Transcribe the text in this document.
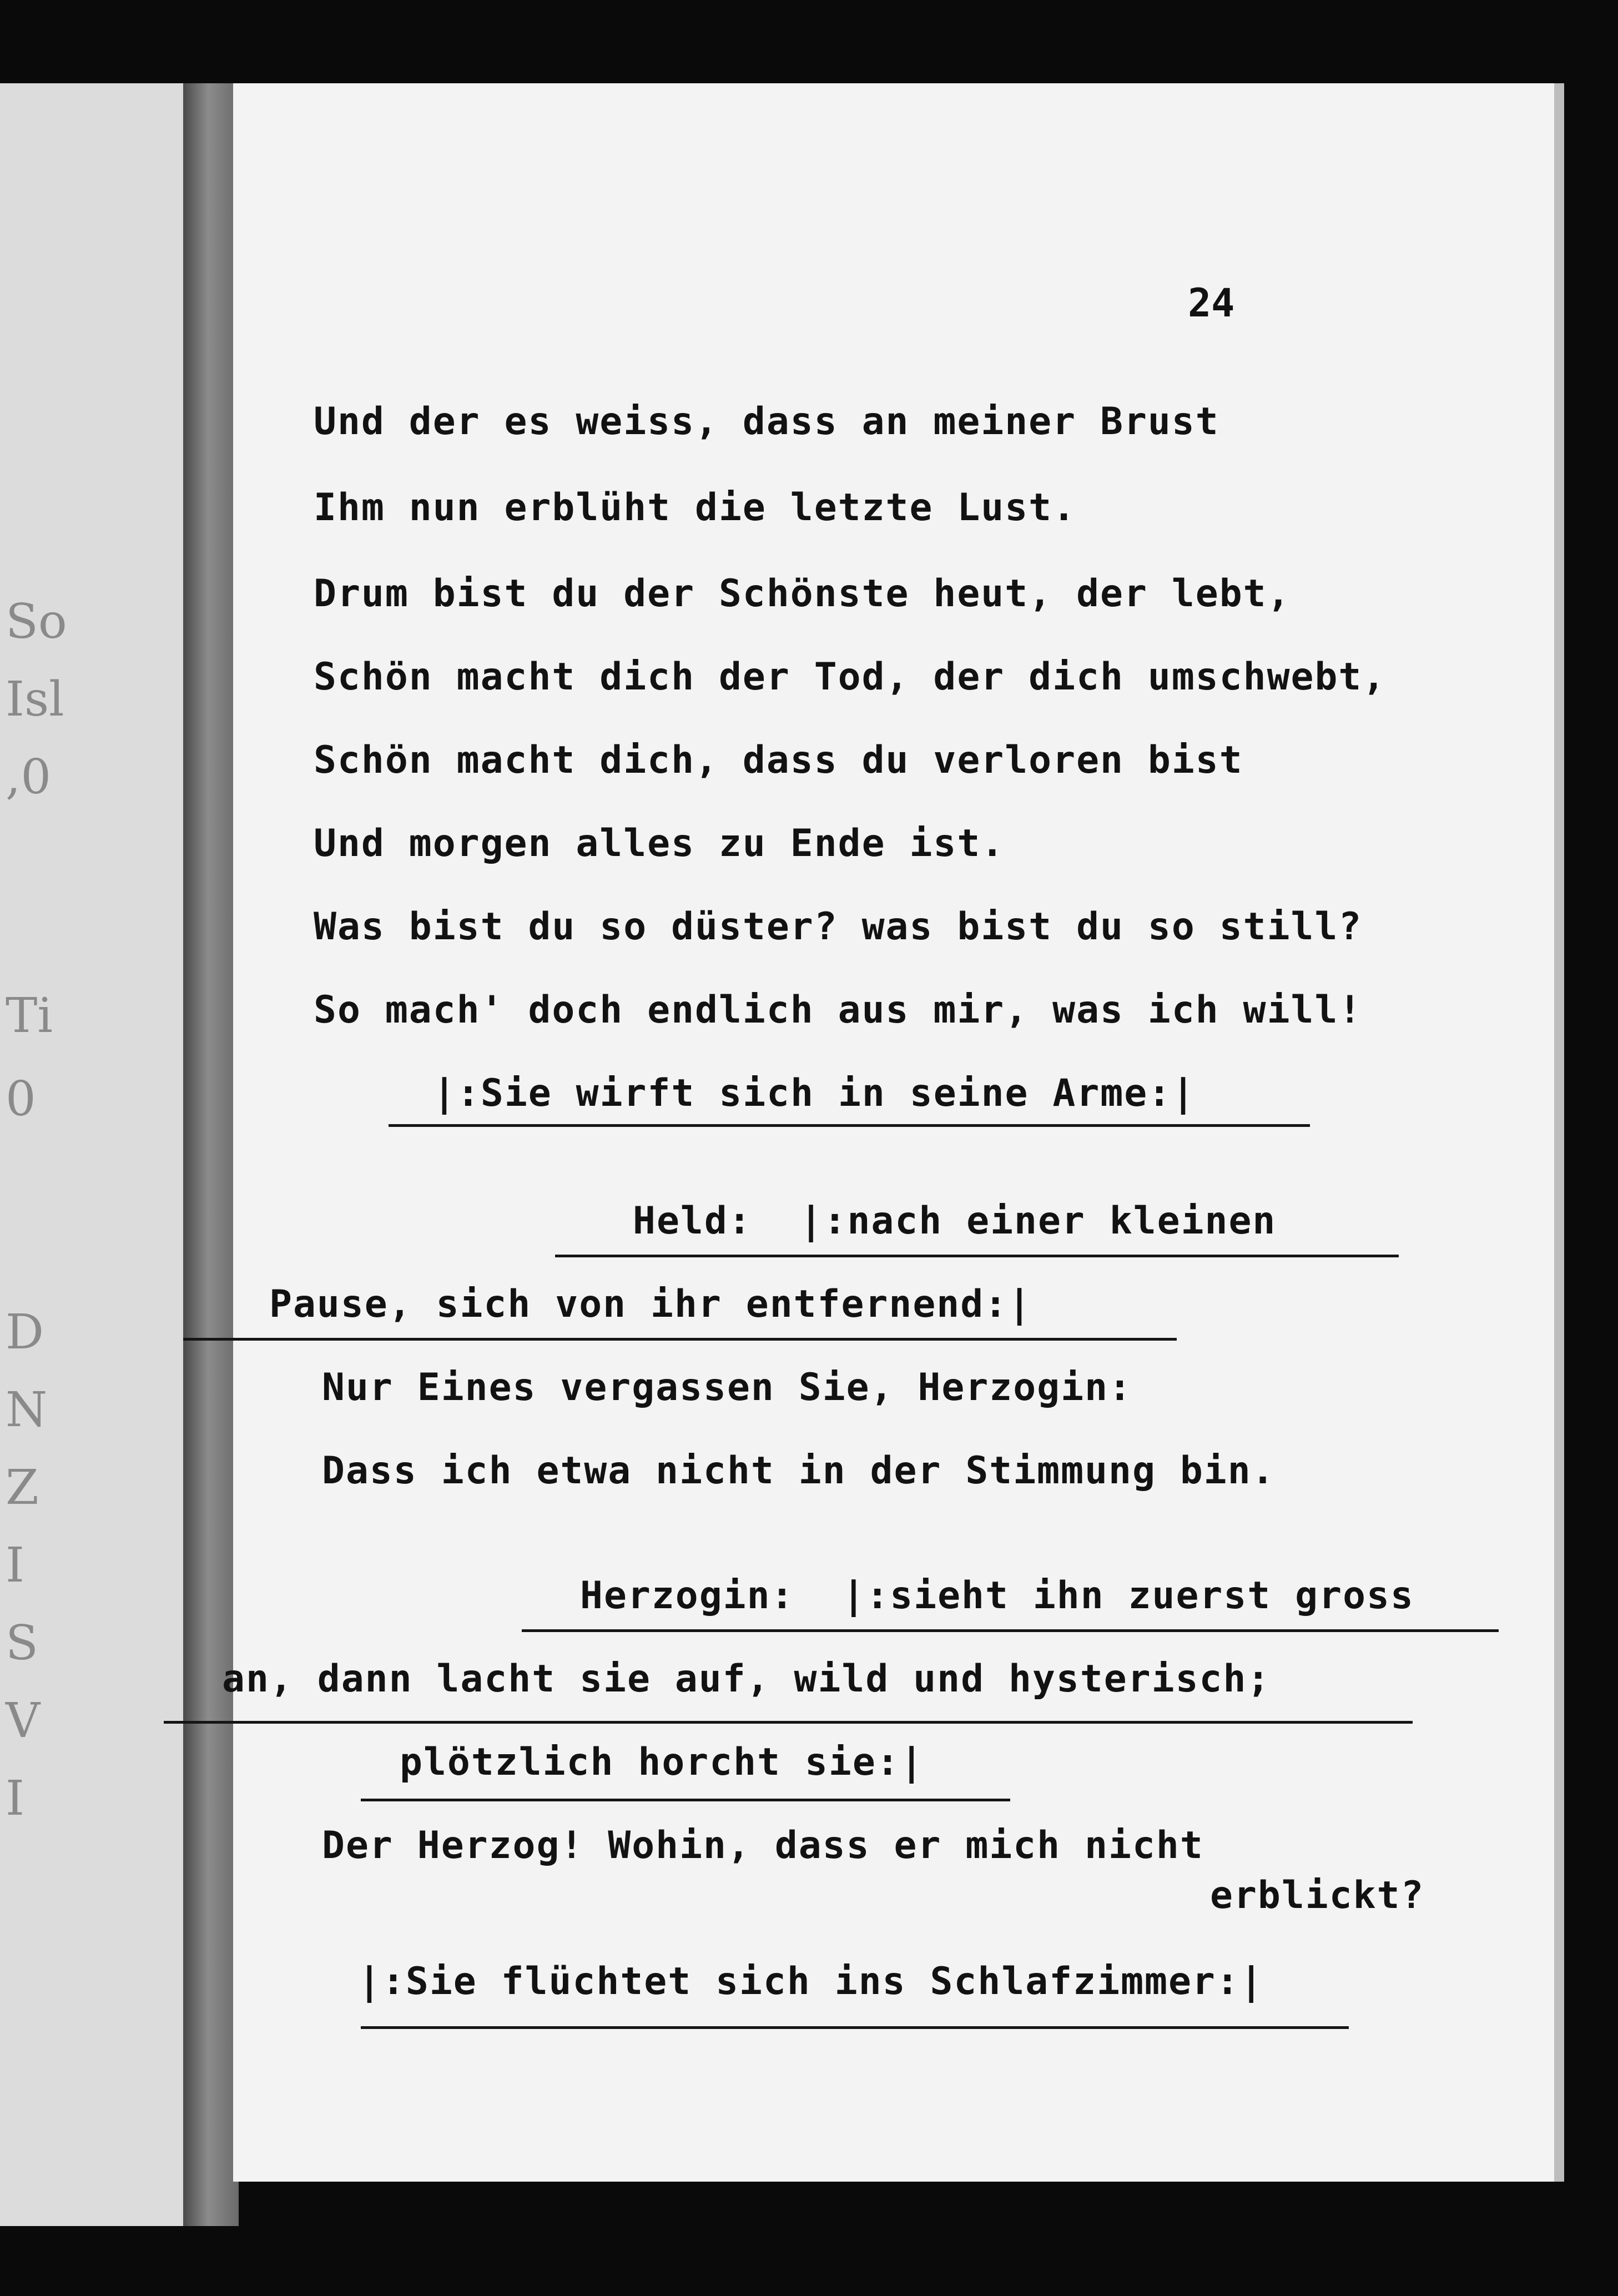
So
Isl
,0
Ti
0
D
N
Z
I
S
V
I
24
Und der es weiss, dass an meiner Brust
Ihm nun erblüht die letzte Lust.
Drum bist du der Schönste heut, der lebt,
Schön macht dich der Tod, der dich umschwebt,
Schön macht dich, dass du verloren bist
Und morgen alles zu Ende ist.
Was bist du so düster? was bist du so still?
So mach' doch endlich aus mir, was ich will!
|:Sie wirft sich in seine Arme:|
Held:  |:nach einer kleinen
Pause, sich von ihr entfernend:|
Nur Eines vergassen Sie, Herzogin:
Dass ich etwa nicht in der Stimmung bin.
Herzogin:  |:sieht ihn zuerst gross
an, dann lacht sie auf, wild und hysterisch;
plötzlich horcht sie:|
Der Herzog! Wohin, dass er mich nicht
erblickt?
|:Sie flüchtet sich ins Schlafzimmer:|
